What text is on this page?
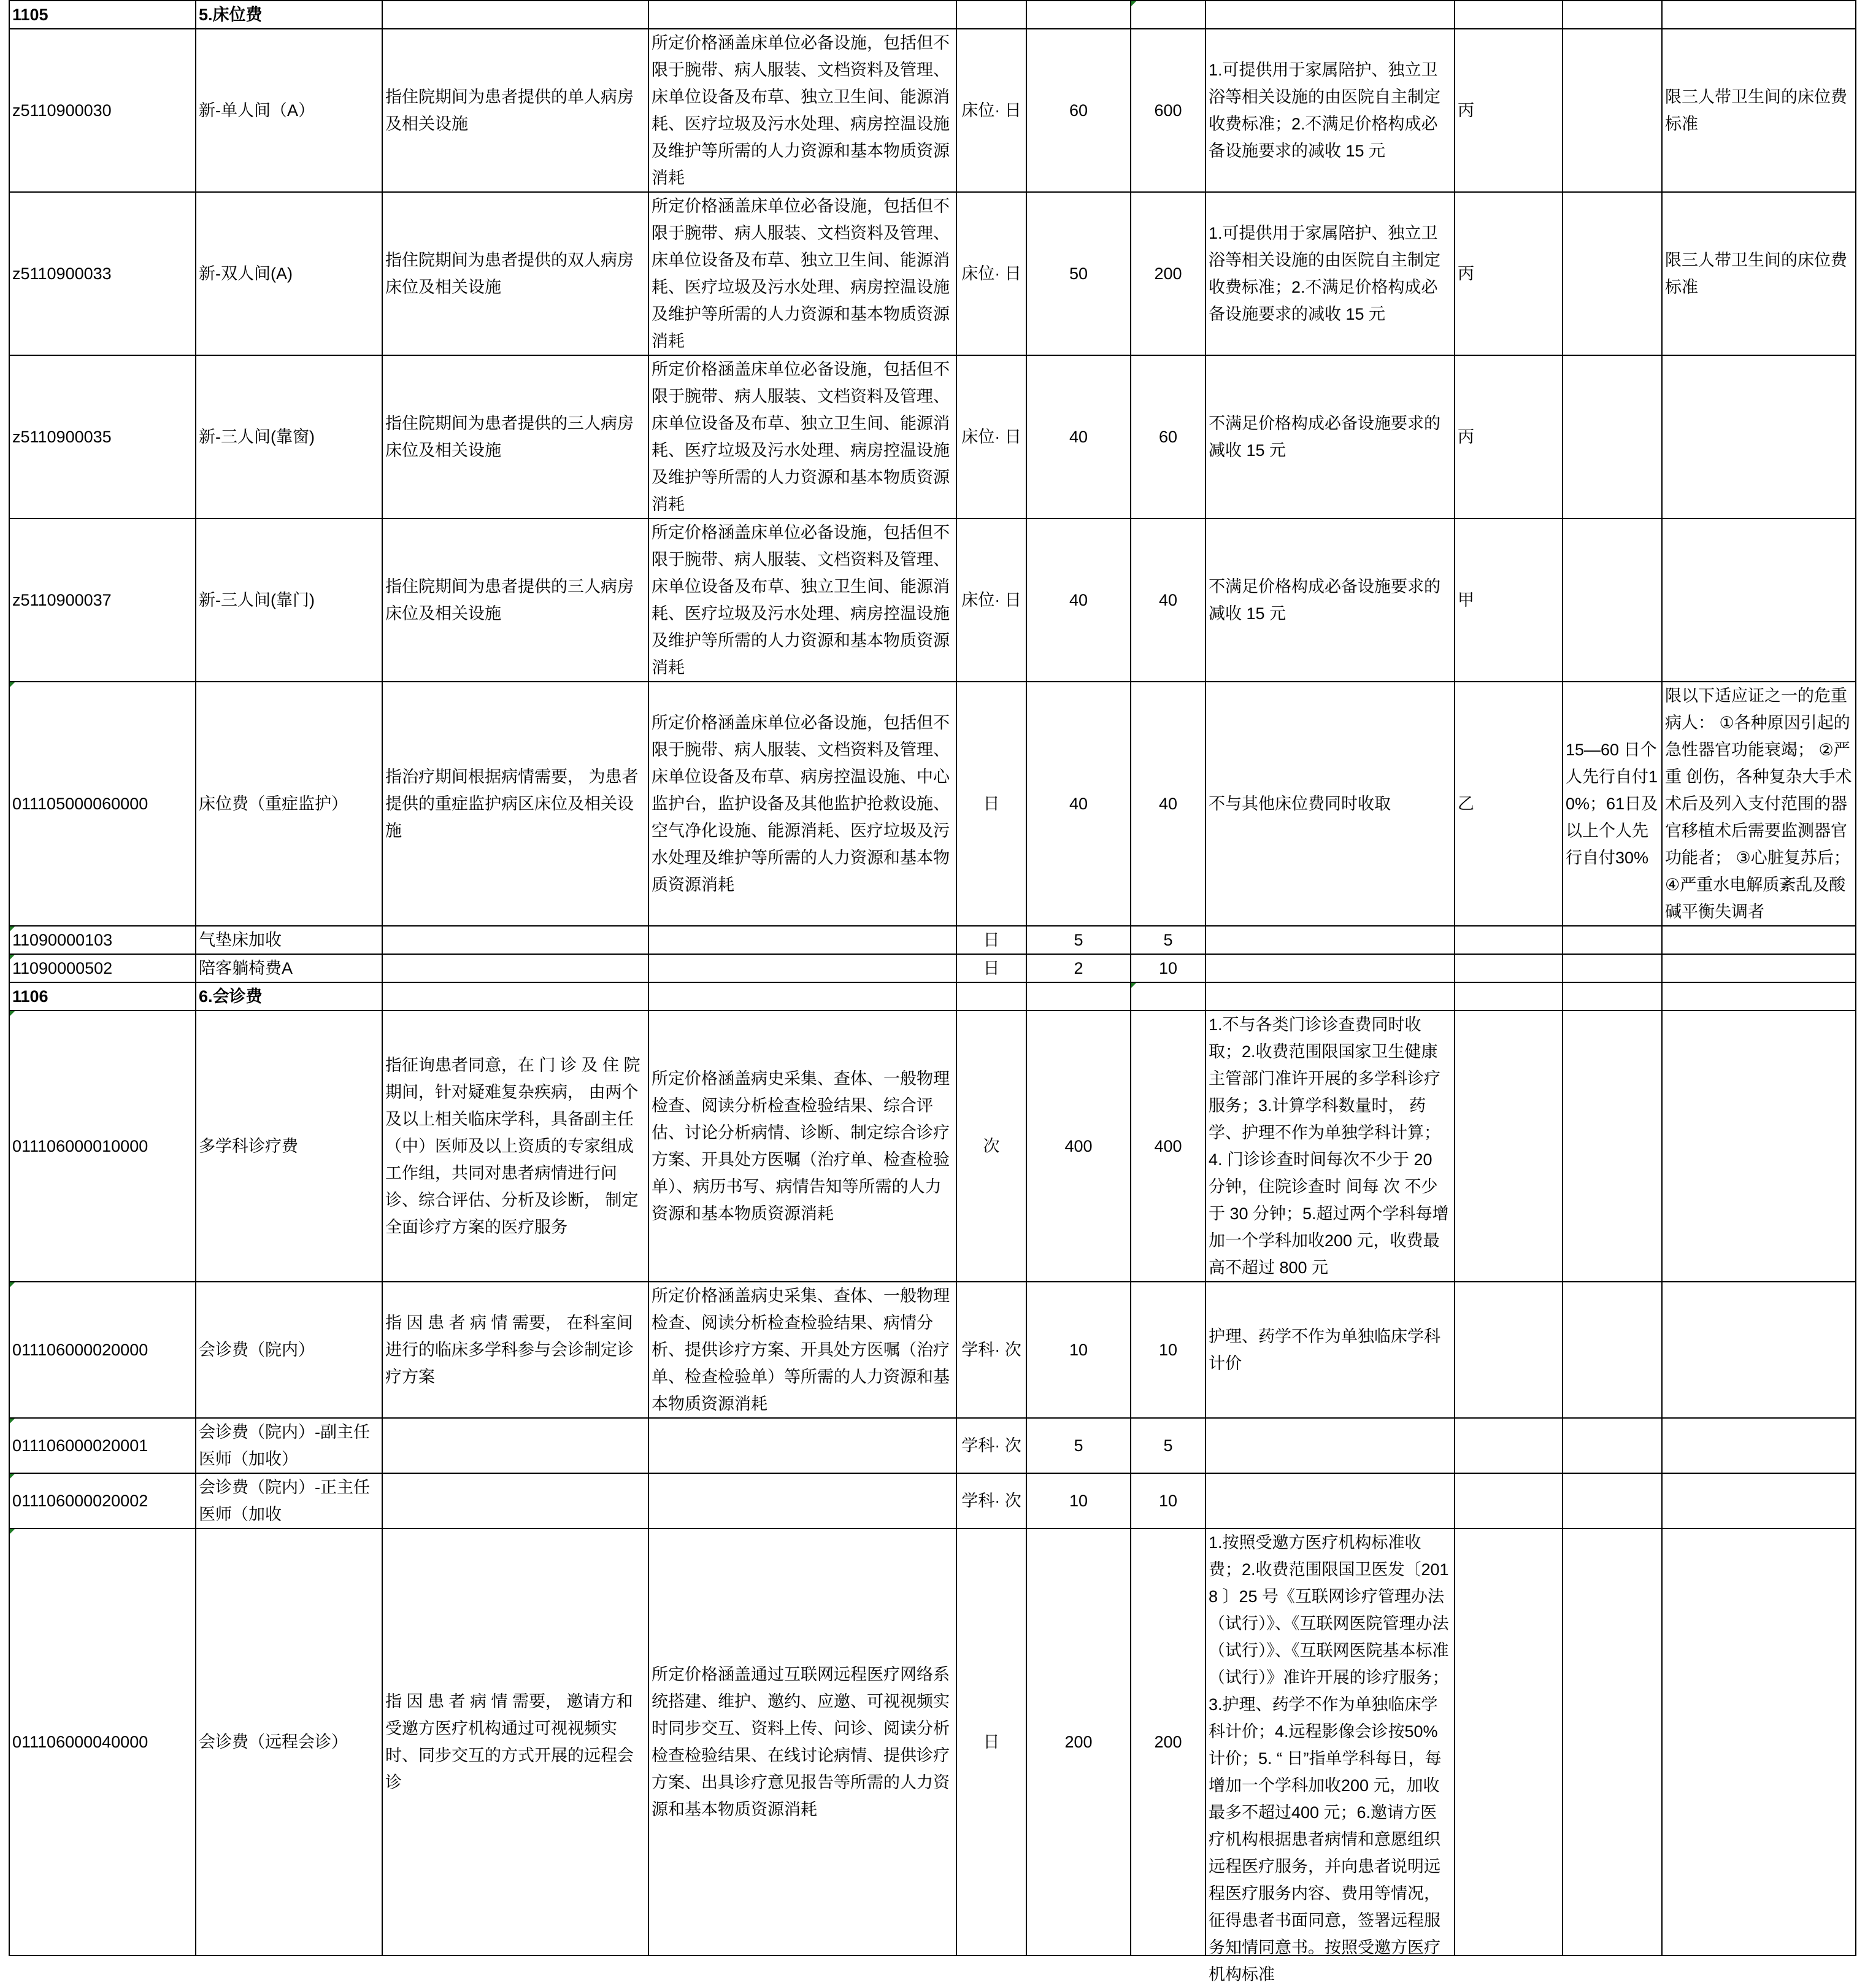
1105	5.床位费									
z5110900030	新-单人间（A）	指住院期间为患者提供的单人病房及相关设施	所定价格涵盖床单位必备设施，包括但不限于腕带、病人服装、文档资料及管理、床单位设备及布草、独立卫生间、能源消耗、医疗垃圾及污水处理、病房控温设施及维护等所需的人力资源和基本物质资源消耗	床位· 日	60	600	1.可提供用于家属陪护、独立卫浴等相关设施的由医院自主制定收费标准；2.不满足价格构成必备设施要求的减收 15 元	丙		限三人带卫生间的床位费标准
z5110900033	新-双人间(A)	指住院期间为患者提供的双人病房床位及相关设施	所定价格涵盖床单位必备设施，包括但不限于腕带、病人服装、文档资料及管理、床单位设备及布草、独立卫生间、能源消耗、医疗垃圾及污水处理、病房控温设施及维护等所需的人力资源和基本物质资源消耗	床位· 日	50	200	1.可提供用于家属陪护、独立卫浴等相关设施的由医院自主制定收费标准；2.不满足价格构成必备设施要求的减收 15 元	丙		限三人带卫生间的床位费标准
z5110900035	新-三人间(靠窗)	指住院期间为患者提供的三人病房床位及相关设施	所定价格涵盖床单位必备设施，包括但不限于腕带、病人服装、文档资料及管理、床单位设备及布草、独立卫生间、能源消耗、医疗垃圾及污水处理、病房控温设施及维护等所需的人力资源和基本物质资源消耗	床位· 日	40	60	不满足价格构成必备设施要求的减收 15 元	丙		
z5110900037	新-三人间(靠门)	指住院期间为患者提供的三人病房床位及相关设施	所定价格涵盖床单位必备设施，包括但不限于腕带、病人服装、文档资料及管理、床单位设备及布草、独立卫生间、能源消耗、医疗垃圾及污水处理、病房控温设施及维护等所需的人力资源和基本物质资源消耗	床位· 日	40	40	不满足价格构成必备设施要求的减收 15 元	甲		
011105000060000	床位费（重症监护）	指治疗期间根据病情需要， 为患者提供的重症监护病区床位及相关设施	所定价格涵盖床单位必备设施，包括但不限于腕带、病人服装、文档资料及管理、床单位设备及布草、病房控温设施、中心监护台，监护设备及其他监护抢救设施、空气净化设施、能源消耗、医疗垃圾及污水处理及维护等所需的人力资源和基本物质资源消耗	日	40	40	不与其他床位费同时收取	乙	15—60 日个人先行自付10%；61日及以上个人先行自付30%	限以下适应证之一的危重病人： ①各种原因引起的急性器官功能衰竭； ②严重 创伤，各种复杂大手术术后及列入支付范围的器官移植术后需要监测器官功能者； ③心脏复苏后； ④严重水电解质紊乱及酸碱平衡失调者
11090000103	气垫床加收			日	5	5				
11090000502	陪客躺椅费A			日	2	10				
1106	6.会诊费									
011106000010000	多学科诊疗费	指征询患者同意，在 门 诊 及 住 院期间，针对疑难复杂疾病， 由两个及以上相关临床学科，具备副主任（中）医师及以上资质的专家组成工作组，共同对患者病情进行问诊、综合评估、分析及诊断， 制定全面诊疗方案的医疗服务	所定价格涵盖病史采集、查体、一般物理检查、阅读分析检查检验结果、综合评估、讨论分析病情、诊断、制定综合诊疗方案、开具处方医嘱（治疗单、检查检验单）、病历书写、病情告知等所需的人力资源和基本物质资源消耗	次	400	400	1.不与各类门诊诊查费同时收取；2.收费范围限国家卫生健康主管部门准许开展的多学科诊疗服务；3.计算学科数量时， 药学、护理不作为单独学科计算；4. 门诊诊查时间每次不少于 20 分钟，住院诊查时 间每 次 不少 于 30 分钟；5.超过两个学科每增加一个学科加收200 元，收费最高不超过 800 元			
011106000020000	会诊费（院内）	指 因 患 者 病 情 需要， 在科室间进行的临床多学科参与会诊制定诊疗方案	所定价格涵盖病史采集、查体、一般物理检查、阅读分析检查检验结果、病情分析、提供诊疗方案、开具处方医嘱（治疗单、检查检验单）等所需的人力资源和基本物质资源消耗	学科· 次	10	10	护理、药学不作为单独临床学科计价			
011106000020001	会诊费（院内）-副主任医师（加收）			学科· 次	5	5				
011106000020002	会诊费（院内）-正主任医师（加收			学科· 次	10	10				
011106000040000	会诊费（远程会诊）	指 因 患 者 病 情 需要， 邀请方和受邀方医疗机构通过可视视频实时、同步交互的方式开展的远程会诊	所定价格涵盖通过互联网远程医疗网络系统搭建、维护、邀约、应邀、可视视频实时同步交互、资料上传、问诊、阅读分析检查检验结果、在线讨论病情、提供诊疗方案、出具诊疗意见报告等所需的人力资源和基本物质资源消耗	日	200	200	1.按照受邀方医疗机构标准收费；2.收费范围限国卫医发〔2018 〕25 号《互联网诊疗管理办法（试行）》、《互联网医院管理办法（试行）》、《互联网医院基本标准（试行）》准许开展的诊疗服务；3.护理、药学不作为单独临床学科计价；4.远程影像会诊按50%计价；5. “ 日”指单学科每日，每增加一个学科加收200 元，加收最多不超过400 元；6.邀请方医疗机构根据患者病情和意愿组织远程医疗服务，并向患者说明远程医疗服务内容、费用等情况，征得患者书面同意，签署远程服务知情同意书。按照受邀方医疗机构标准			
